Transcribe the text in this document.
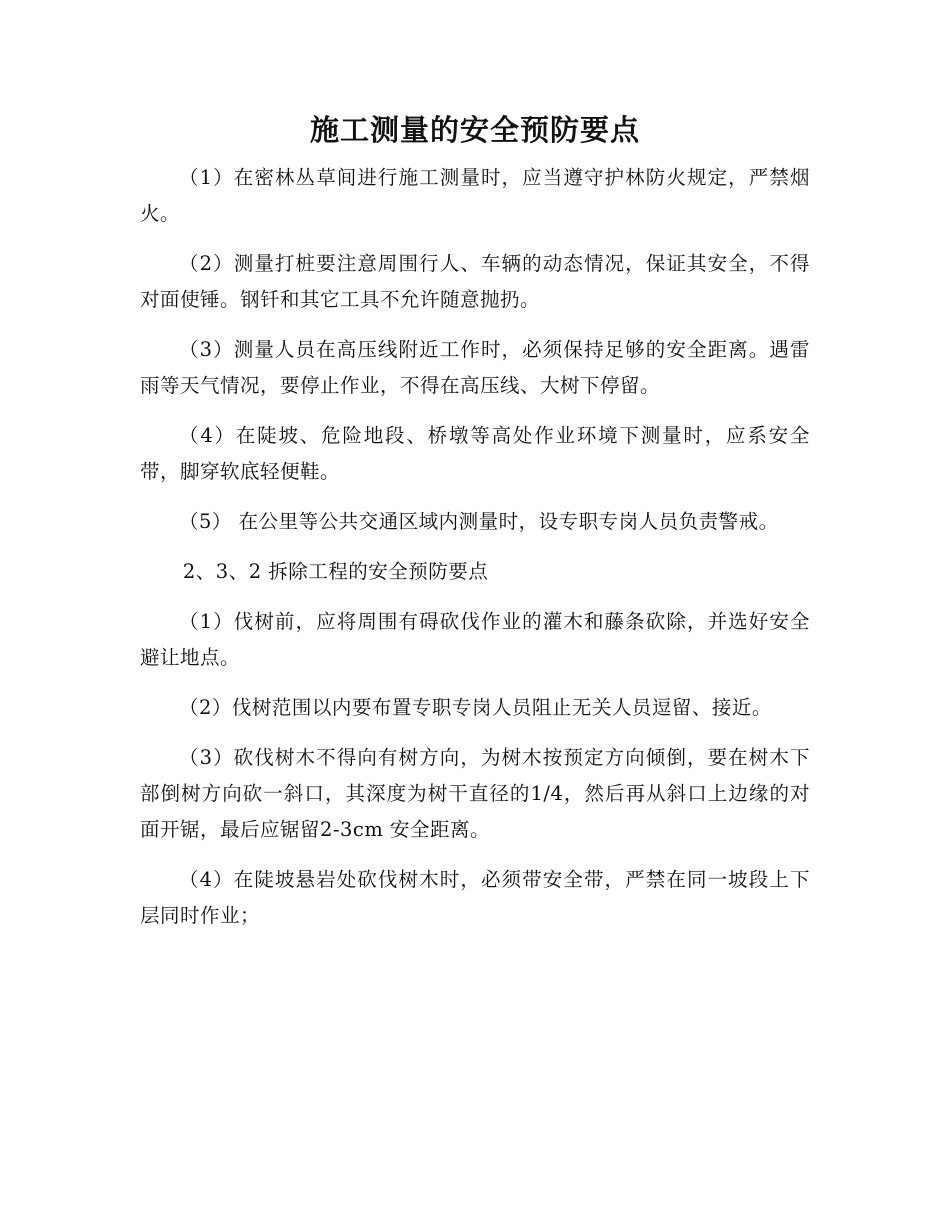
施工测量的安全预防要点

（1）在密林丛草间进行施工测量时，应当遵守护林防火规定，严禁烟火。

（2）测量打桩要注意周围行人、车辆的动态情况，保证其安全，不得对面使锤。钢钎和其它工具不允许随意抛扔。

（3）测量人员在高压线附近工作时，必须保持足够的安全距离。遇雷雨等天气情况，要停止作业，不得在高压线、大树下停留。

（4）在陡坡、危险地段、桥墩等高处作业环境下测量时，应系安全带，脚穿软底轻便鞋。

（5） 在公里等公共交通区域内测量时，设专职专岗人员负责警戒。

2、3、2 拆除工程的安全预防要点

（1）伐树前，应将周围有碍砍伐作业的灌木和藤条砍除，并选好安全避让地点。

（2）伐树范围以内要布置专职专岗人员阻止无关人员逗留、接近。

（3）砍伐树木不得向有树方向，为树木按预定方向倾倒，要在树木下部倒树方向砍一斜口，其深度为树干直径的1/4，然后再从斜口上边缘的对面开锯，最后应锯留2-3cm 安全距离。

（4）在陡坡悬岩处砍伐树木时，必须带安全带，严禁在同一坡段上下层同时作业；
